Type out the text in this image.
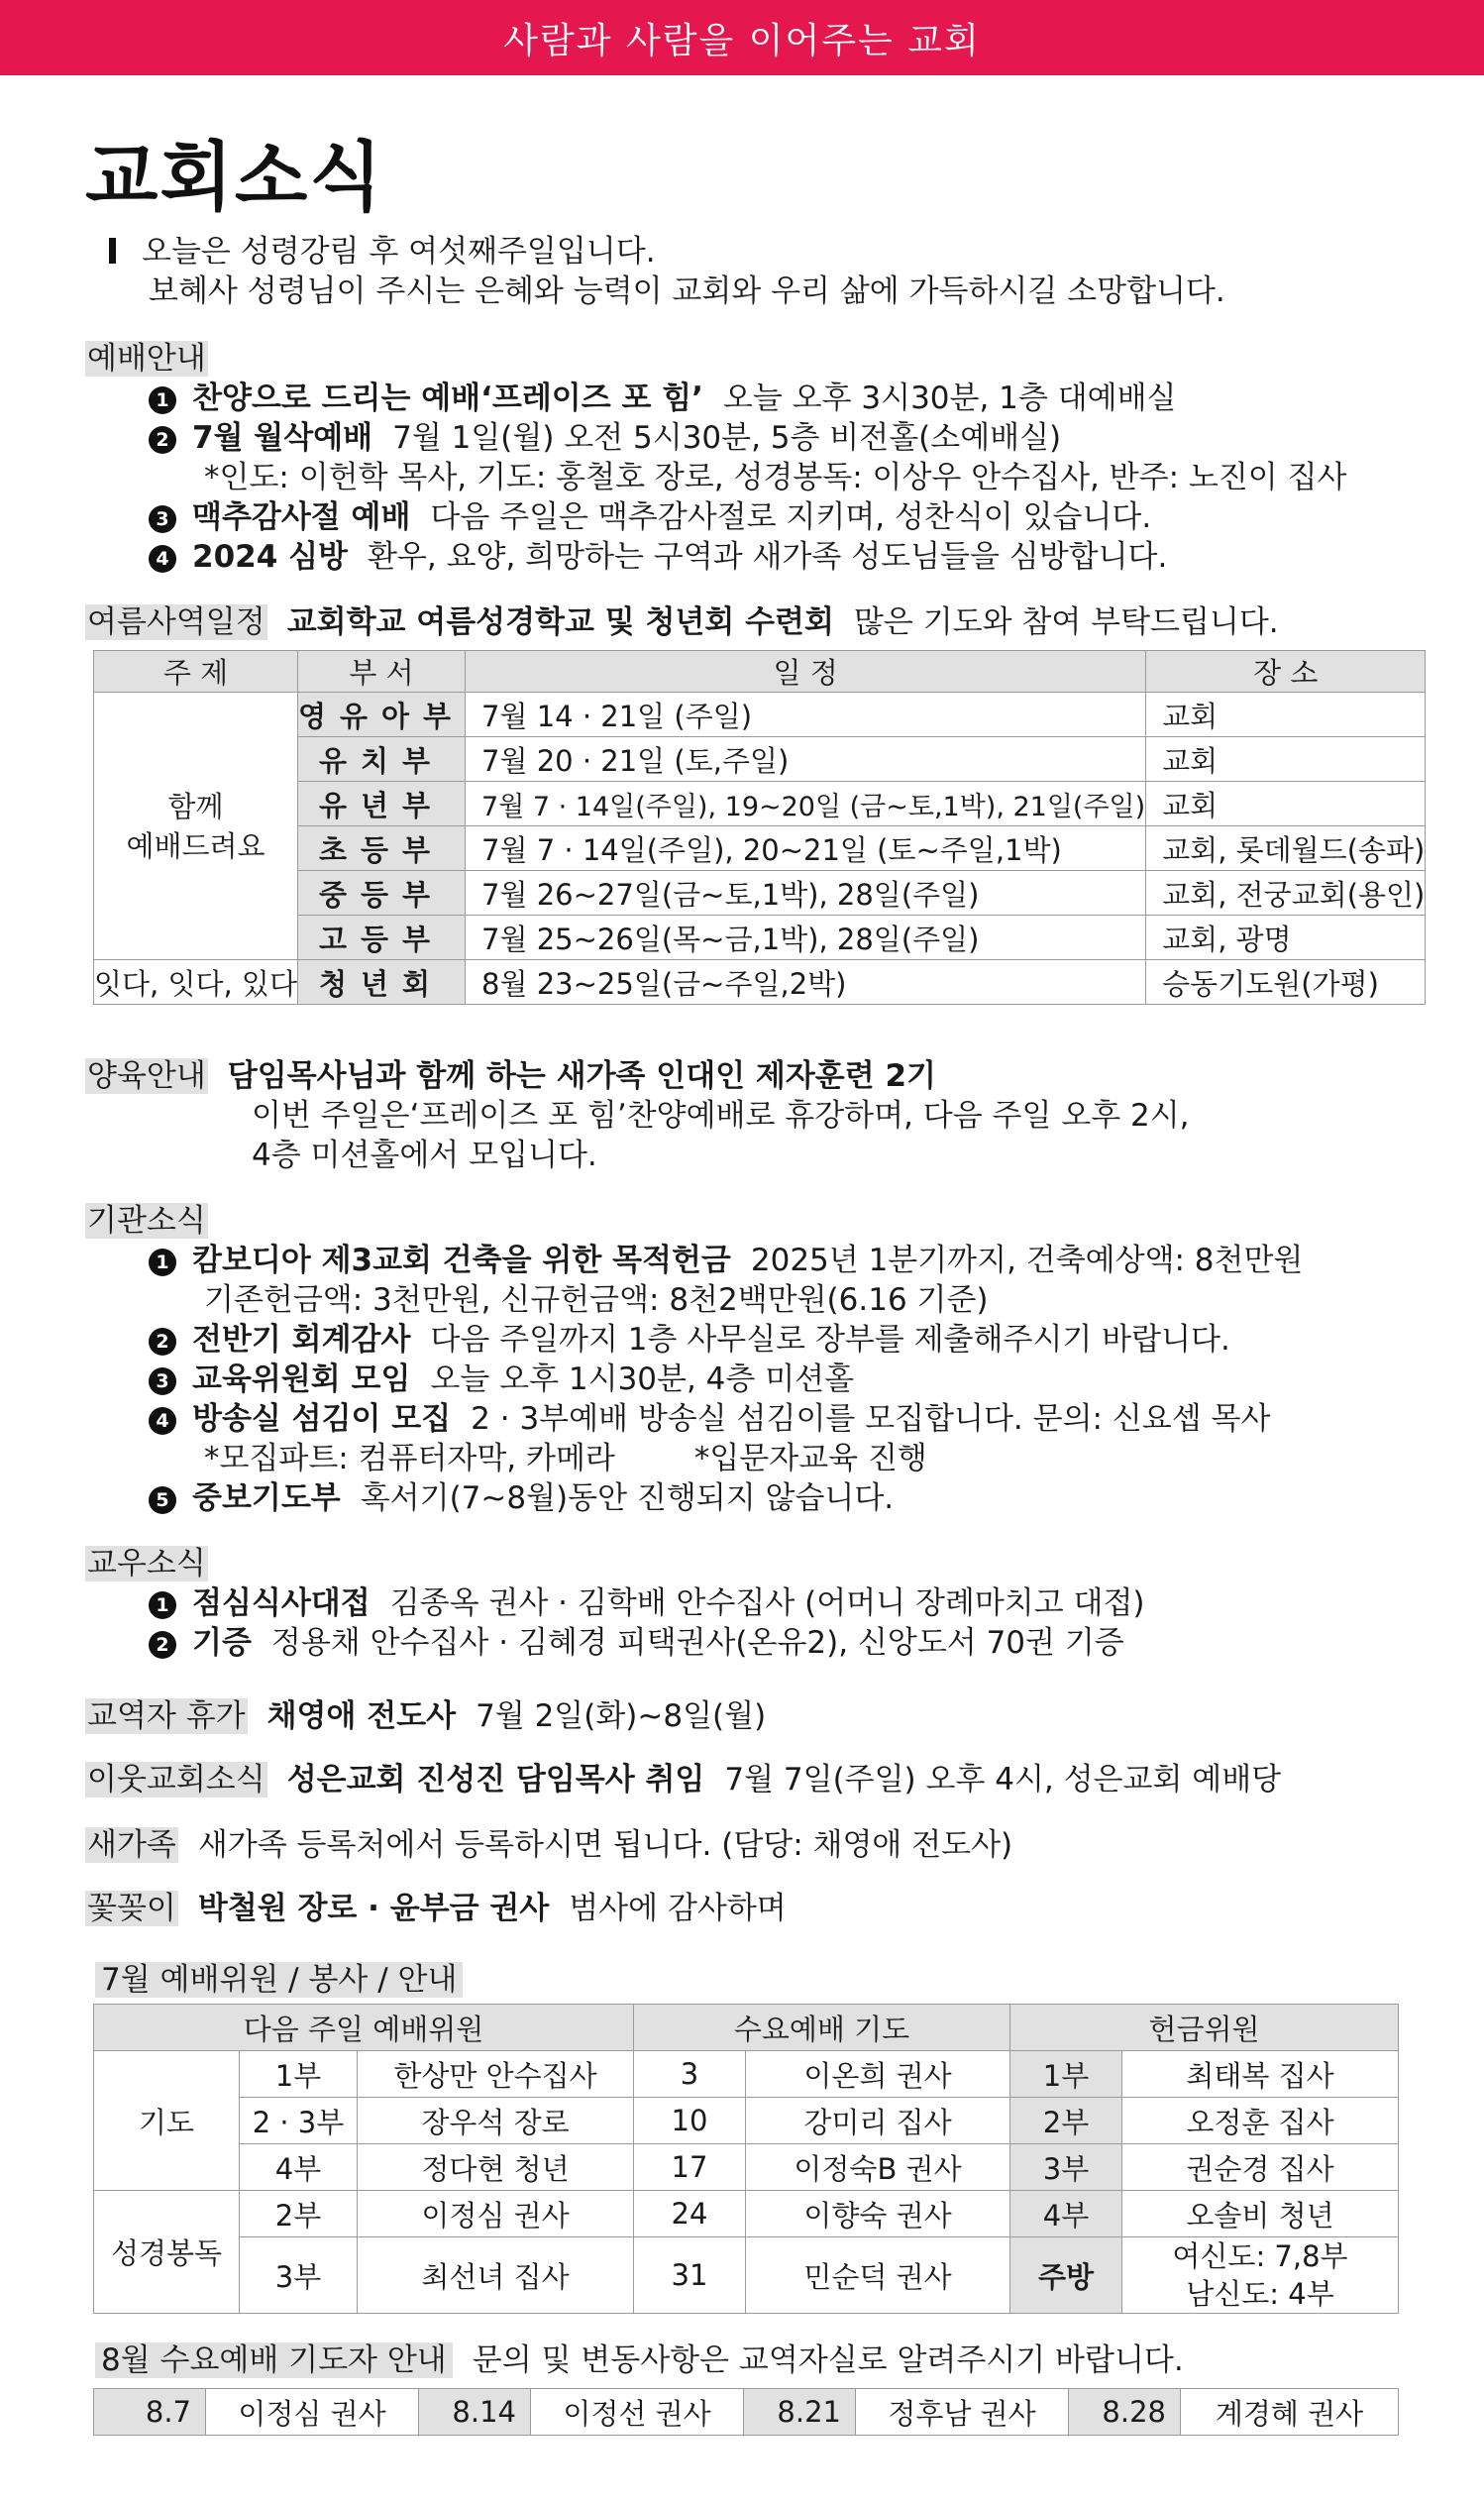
사람과 사람을 이어주는 교회
교회소식
오늘은 성령강림 후 여섯째주일입니다.
보혜사 성령님이 주시는 은혜와 능력이 교회와 우리 삶에 가득하시길 소망합니다.
예배안내
1 찬양으로 드리는 예배‘프레이즈 포 힘’ 오늘 오후 3시30분, 1층 대예배실
2 7월 월삭예배 7월 1일(월) 오전 5시30분, 5층 비전홀(소예배실)
*인도: 이헌학 목사, 기도: 홍철호 장로, 성경봉독: 이상우 안수집사, 반주: 노진이 집사
3 맥추감사절 예배 다음 주일은 맥추감사절로 지키며, 성찬식이 있습니다.
4 2024 심방 환우, 요양, 희망하는 구역과 새가족 성도님들을 심방합니다.
여름사역일정 교회학교 여름성경학교 및 청년회 수련회 많은 기도와 참여 부탁드립니다.
주 제	부 서	일 정	장 소
함께
예배드려요	영유아부	7월 14 · 21일 (주일)	교회
	유치부	7월 20 · 21일 (토,주일)	교회
	유년부	7월 7 · 14일(주일), 19~20일 (금~토,1박), 21일(주일)	교회
	초등부	7월 7 · 14일(주일), 20~21일 (토~주일,1박)	교회, 롯데월드(송파)
	중등부	7월 26~27일(금~토,1박), 28일(주일)	교회, 전궁교회(용인)
	고등부	7월 25~26일(목~금,1박), 28일(주일)	교회, 광명
잇다, 잇다, 있다	청년회	8월 23~25일(금~주일,2박)	승동기도원(가평)
양육안내 담임목사님과 함께 하는 새가족 인대인 제자훈련 2기
이번 주일은‘프레이즈 포 힘’찬양예배로 휴강하며, 다음 주일 오후 2시,
4층 미션홀에서 모입니다.
기관소식
1 캄보디아 제3교회 건축을 위한 목적헌금 2025년 1분기까지, 건축예상액: 8천만원
기존헌금액: 3천만원, 신규헌금액: 8천2백만원(6.16 기준)
2 전반기 회계감사 다음 주일까지 1층 사무실로 장부를 제출해주시기 바랍니다.
3 교육위원회 모임 오늘 오후 1시30분, 4층 미션홀
4 방송실 섬김이 모집 2 · 3부예배 방송실 섬김이를 모집합니다. 문의: 신요셉 목사
*모집파트: 컴퓨터자막, 카메라	*입문자교육 진행
5 중보기도부 혹서기(7~8월)동안 진행되지 않습니다.
교우소식
1 점심식사대접 김종옥 권사 · 김학배 안수집사 (어머니 장례마치고 대접)
2 기증 정용채 안수집사 · 김혜경 피택권사(온유2), 신앙도서 70권 기증
교역자 휴가 채영애 전도사 7월 2일(화)~8일(월)
이웃교회소식 성은교회 진성진 담임목사 취임 7월 7일(주일) 오후 4시, 성은교회 예배당
새가족 새가족 등록처에서 등록하시면 됩니다. (담당: 채영애 전도사)
꽃꽂이 박철원 장로 · 윤부금 권사 범사에 감사하며
7월 예배위원 / 봉사 / 안내
다음 주일 예배위원			수요예배 기도		헌금위원	
기도	1부	한상만 안수집사	3	이온희 권사	1부	최태복 집사
	2 · 3부	장우석 장로	10	강미리 집사	2부	오정훈 집사
	4부	정다현 청년	17	이정숙B 권사	3부	권순경 집사
성경봉독	2부	이정심 권사	24	이향숙 권사	4부	오솔비 청년
	3부	최선녀 집사	31	민순덕 권사	주방	여신도: 7,8부
남신도: 4부
8월 수요예배 기도자 안내 문의 및 변동사항은 교역자실로 알려주시기 바랍니다.
8.7	이정심 권사	8.14	이정선 권사	8.21	정후남 권사	8.28	계경혜 권사
